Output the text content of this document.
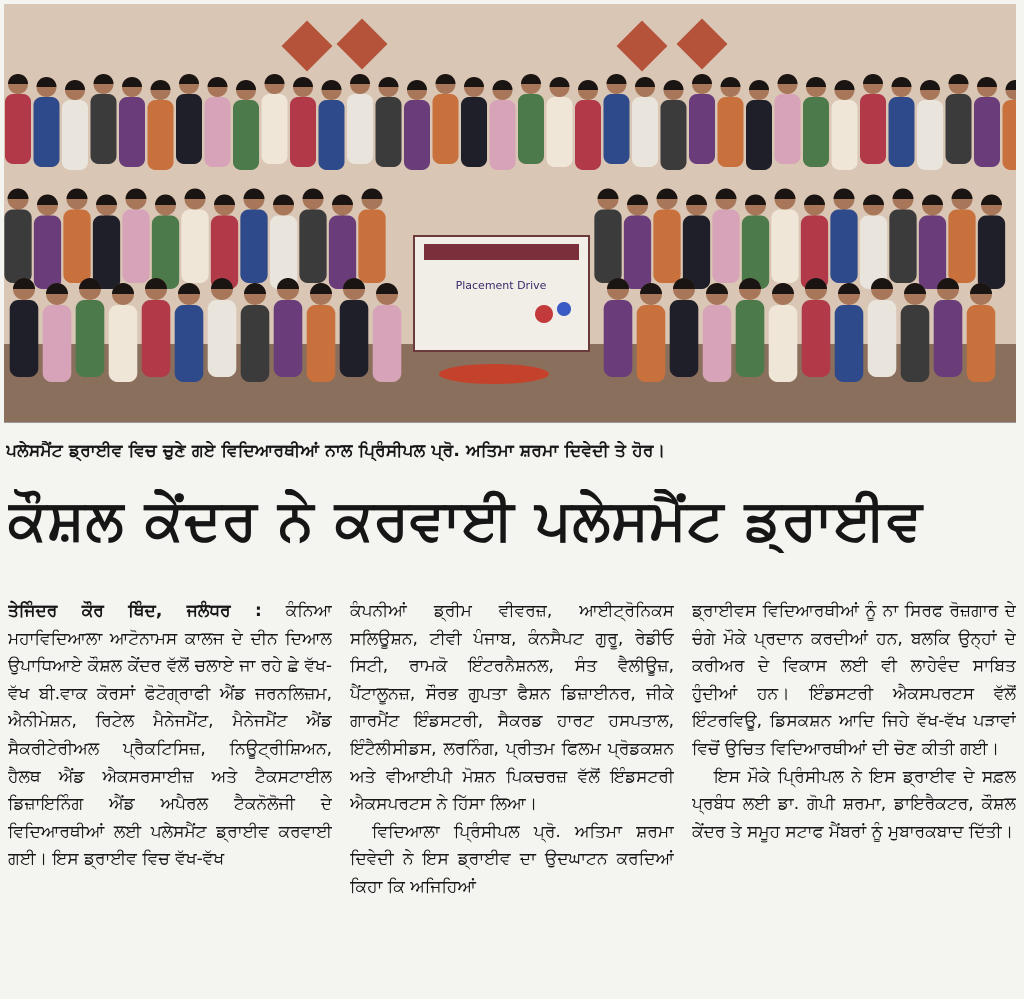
Placement Drive
ਪਲੇਸਮੈਂਟ ਡ੍ਰਾਈਵ ਵਿਚ ਚੁਣੇ ਗਏ ਵਿਦਿਆਰਥੀਆਂ ਨਾਲ ਪ੍ਰਿੰਸੀਪਲ ਪ੍ਰੋ. ਅਤਿਮਾ ਸ਼ਰਮਾ ਦਿਵੇਦੀ ਤੇ ਹੋਰ।
ਕੌਸ਼ਲ ਕੇਂਦਰ ਨੇ ਕਰਵਾਈ ਪਲੇਸਮੈਂਟ ਡ੍ਰਾਈਵ

ਤੇਜਿੰਦਰ ਕੌਰ ਥਿੰਦ, ਜਲੰਧਰ : ਕੰਨਿਆ ਮਹਾਵਿਦਿਆਲਾ ਆਟੋਨਾਮਸ ਕਾਲਜ ਦੇ ਦੀਨ ਦਿਆਲ ਉਪਾਧਿਆਏ ਕੌਸ਼ਲ ਕੇਂਦਰ ਵੱਲੋਂ ਚਲਾਏ ਜਾ ਰਹੇ ਛੇ ਵੱਖ-ਵੱਖ ਬੀ.ਵਾਕ ਕੋਰਸਾਂ ਫੋਟੋਗ੍ਰਾਫੀ ਐਂਡ ਜਰਨਲਿਜ਼ਮ, ਐਨੀਮੇਸ਼ਨ, ਰਿਟੇਲ ਮੈਨੇਜਮੈਂਟ, ਮੈਨੇਜਮੈਂਟ ਐਂਡ ਸੈਕਰੀਟੇਰੀਅਲ ਪ੍ਰੈਕਟਿਸਿਜ਼, ਨਿਊਟ੍ਰੀਸ਼ਿਅਨ, ਹੈਲਥ ਐਂਡ ਐਕਸਰਸਾਈਜ਼ ਅਤੇ ਟੈਕਸਟਾਈਲ ਡਿਜ਼ਾਇਨਿੰਗ ਐਂਡ ਅਪੈਰਲ ਟੈਕਨੋਲੋਜੀ ਦੇ ਵਿਦਿਆਰਥੀਆਂ ਲਈ ਪਲੇਸਮੈਂਟ ਡ੍ਰਾਈਵ ਕਰਵਾਈ ਗਈ। ਇਸ ਡ੍ਰਾਈਵ ਵਿਚ ਵੱਖ-ਵੱਖ

ਕੰਪਨੀਆਂ ਡ੍ਰੀਮ ਵੀਵਰਜ਼, ਆਈਟ੍ਰੋਨਿਕਸ ਸਲਿਊਸ਼ਨ, ਟੀਵੀ ਪੰਜਾਬ, ਕੰਨਸੈਪਟ ਗੁਰੂ, ਰੇਡੀਓ ਸਿਟੀ, ਰਾਮਕੋ ਇੰਟਰਨੈਸ਼ਨਲ, ਸੰਤ ਵੈਲੀਊਜ਼, ਪੈਂਟਾਲੂਨਜ਼, ਸੌਰਭ ਗੁਪਤਾ ਫੈਸ਼ਨ ਡਿਜ਼ਾਈਨਰ, ਜੀਕੇ ਗਾਰਮੈਂਟ ਇੰਡਸਟਰੀ, ਸੈਕਰਡ ਹਾਰਟ ਹਸਪਤਾਲ, ਇੰਟੈਲੀਸੀਡਸ, ਲਰਨਿੰਗ, ਪ੍ਰੀਤਮ ਫਿਲਮ ਪ੍ਰੋਡਕਸ਼ਨ ਅਤੇ ਵੀਆਈਪੀ ਮੋਸ਼ਨ ਪਿਕਚਰਜ਼ ਵੱਲੋਂ ਇੰਡਸਟਰੀ ਐਕਸਪਰਟਸ ਨੇ ਹਿੱਸਾ ਲਿਆ।

ਵਿਦਿਆਲਾ ਪ੍ਰਿੰਸੀਪਲ ਪ੍ਰੋ. ਅਤਿਮਾ ਸ਼ਰਮਾ ਦਿਵੇਦੀ ਨੇ ਇਸ ਡ੍ਰਾਈਵ ਦਾ ਉਦਘਾਟਨ ਕਰਦਿਆਂ ਕਿਹਾ ਕਿ ਅਜਿਹਿਆਂ

ਡ੍ਰਾਈਵਸ ਵਿਦਿਆਰਥੀਆਂ ਨੂੰ ਨਾ ਸਿਰਫ ਰੋਜ਼ਗਾਰ ਦੇ ਚੰਗੇ ਮੌਕੇ ਪ੍ਰਦਾਨ ਕਰਦੀਆਂ ਹਨ, ਬਲਕਿ ਉਨ੍ਹਾਂ ਦੇ ਕਰੀਅਰ ਦੇ ਵਿਕਾਸ ਲਈ ਵੀ ਲਾਹੇਵੰਦ ਸਾਬਿਤ ਹੁੰਦੀਆਂ ਹਨ। ਇੰਡਸਟਰੀ ਐਕਸਪਰਟਸ ਵੱਲੋਂ ਇੰਟਰਵਿਊ, ਡਿਸਕਸ਼ਨ ਆਦਿ ਜਿਹੇ ਵੱਖ-ਵੱਖ ਪੜਾਵਾਂ ਵਿਚੋਂ ਉਚਿਤ ਵਿਦਿਆਰਥੀਆਂ ਦੀ ਚੋਣ ਕੀਤੀ ਗਈ।

ਇਸ ਮੌਕੇ ਪ੍ਰਿੰਸੀਪਲ ਨੇ ਇਸ ਡ੍ਰਾਈਵ ਦੇ ਸਫ਼ਲ ਪ੍ਰਬੰਧ ਲਈ ਡਾ. ਗੋਪੀ ਸ਼ਰਮਾ, ਡਾਇਰੈਕਟਰ, ਕੌਸ਼ਲ ਕੇਂਦਰ ਤੇ ਸਮੂਹ ਸਟਾਫ ਮੈਂਬਰਾਂ ਨੂੰ ਮੁਬਾਰਕਬਾਦ ਦਿੱਤੀ।
